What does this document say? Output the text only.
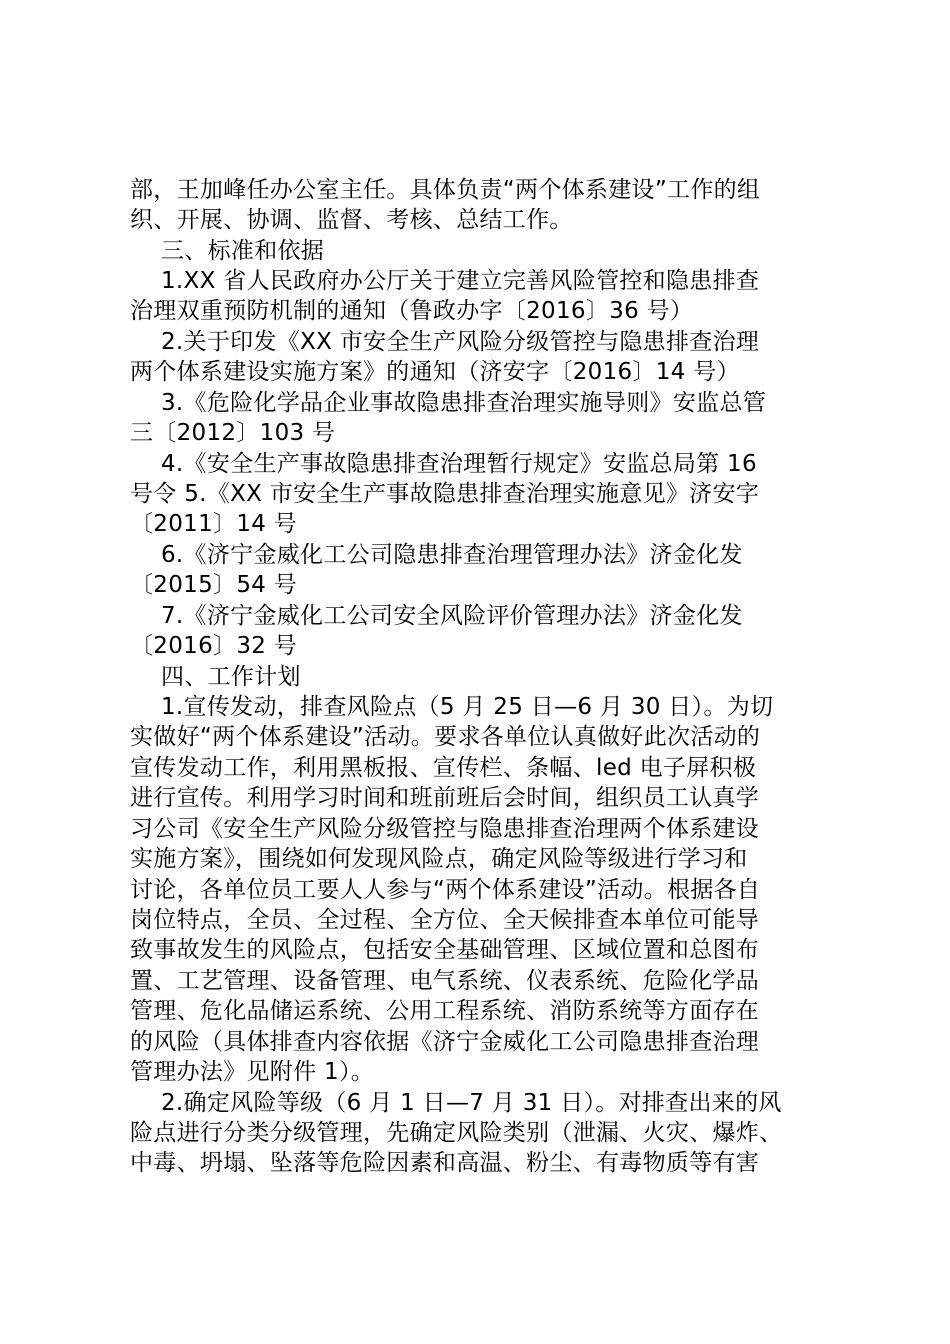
部，王加峰任办公室主任。具体负责“两个体系建设”工作的组
织、开展、协调、监督、考核、总结工作。
三、标准和依据
1.XX 省人民政府办公厅关于建立完善风险管控和隐患排查
治理双重预防机制的通知（鲁政办字〔2016〕36 号）
2.关于印发《XX 市安全生产风险分级管控与隐患排查治理
两个体系建设实施方案》的通知（济安字〔2016〕14 号）
3.《危险化学品企业事故隐患排查治理实施导则》安监总管
三〔2012〕103 号
4.《安全生产事故隐患排查治理暂行规定》安监总局第 16
号令 5.《XX 市安全生产事故隐患排查治理实施意见》济安字
〔2011〕14 号
6.《济宁金威化工公司隐患排查治理管理办法》济金化发
〔2015〕54 号
7.《济宁金威化工公司安全风险评价管理办法》济金化发
〔2016〕32 号
四、工作计划
1.宣传发动，排查风险点（5 月 25 日—6 月 30 日）。为切
实做好“两个体系建设”活动。要求各单位认真做好此次活动的
宣传发动工作，利用黑板报、宣传栏、条幅、led 电子屏积极
进行宣传。利用学习时间和班前班后会时间，组织员工认真学
习公司《安全生产风险分级管控与隐患排查治理两个体系建设
实施方案》，围绕如何发现风险点，确定风险等级进行学习和
讨论，各单位员工要人人参与“两个体系建设”活动。根据各自
岗位特点，全员、全过程、全方位、全天候排查本单位可能导
致事故发生的风险点，包括安全基础管理、区域位置和总图布
置、工艺管理、设备管理、电气系统、仪表系统、危险化学品
管理、危化品储运系统、公用工程系统、消防系统等方面存在
的风险（具体排查内容依据《济宁金威化工公司隐患排查治理
管理办法》见附件 1）。
2.确定风险等级（6 月 1 日—7 月 31 日）。对排查出来的风
险点进行分类分级管理，先确定风险类别（泄漏、火灾、爆炸、
中毒、坍塌、坠落等危险因素和高温、粉尘、有毒物质等有害
